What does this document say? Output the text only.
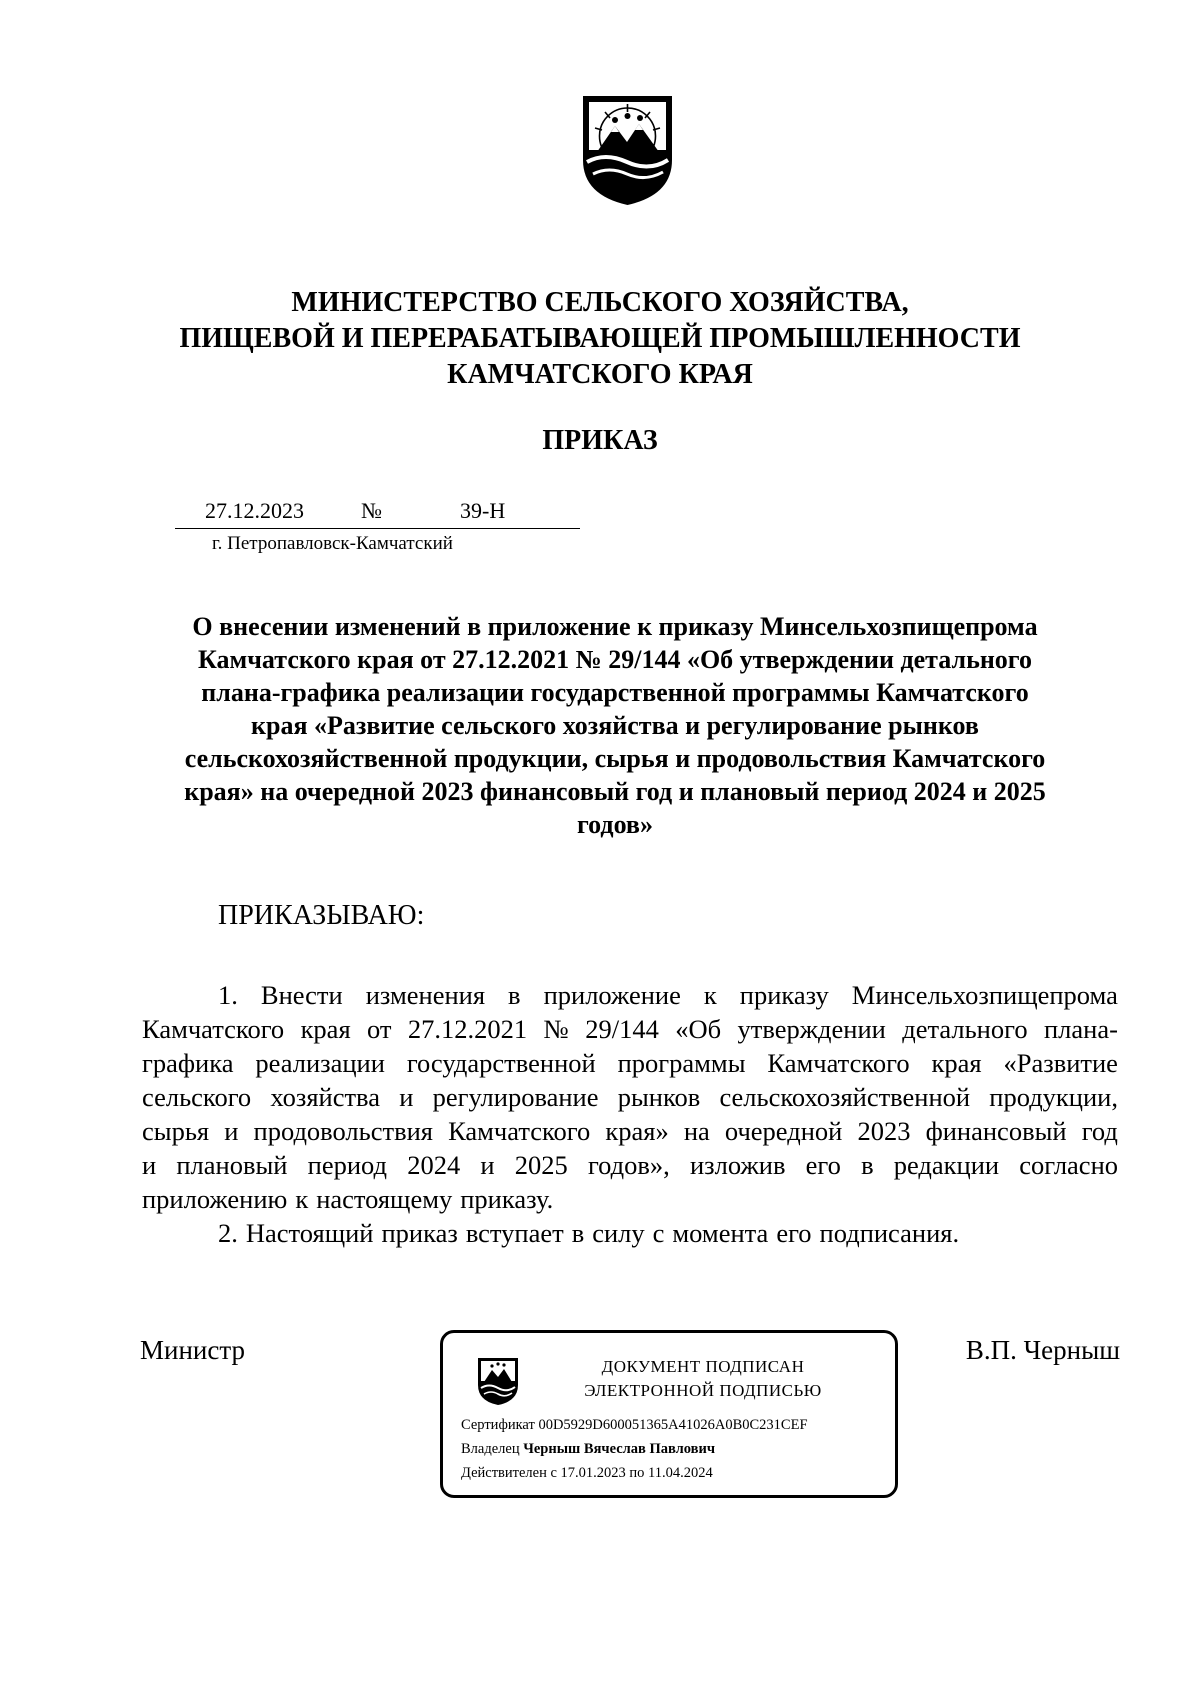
МИНИСТЕРСТВО СЕЛЬСКОГО ХОЗЯЙСТВА,
ПИЩЕВОЙ И ПЕРЕРАБАТЫВАЮЩЕЙ ПРОМЫШЛЕННОСТИ
КАМЧАТСКОГО КРАЯ
ПРИКАЗ
27.12.2023	№	39-Н
г. Петропавловск-Камчатский
О внесении изменений в приложение к приказу Минсельхозпищепрома
Камчатского края от 27.12.2021 № 29/144 «Об утверждении детального
плана-графика реализации государственной программы Камчатского
края «Развитие сельского хозяйства и регулирование рынков
сельскохозяйственной продукции, сырья и продовольствия Камчатского
края» на очередной 2023 финансовый год и плановый период 2024 и 2025
годов»
ПРИКАЗЫВАЮ:
1. Внести изменения в приложение к приказу Минсельхозпищепрома
Камчатского края от 27.12.2021 № 29/144 «Об утверждении детального плана-
графика реализации государственной программы Камчатского края «Развитие
сельского хозяйства и регулирование рынков сельскохозяйственной продукции,
сырья и продовольствия Камчатского края» на очередной 2023 финансовый год
и плановый период 2024 и 2025 годов», изложив его в редакции согласно
приложению к настоящему приказу.
2. Настоящий приказ вступает в силу с момента его подписания.
Министр	В.П. Черныш
ДОКУМЕНТ ПОДПИСАН
ЭЛЕКТРОННОЙ ПОДПИСЬЮ
Сертификат 00D5929D600051365A41026A0B0C231CEF
Владелец Черныш Вячеслав Павлович
Действителен с 17.01.2023 по 11.04.2024
